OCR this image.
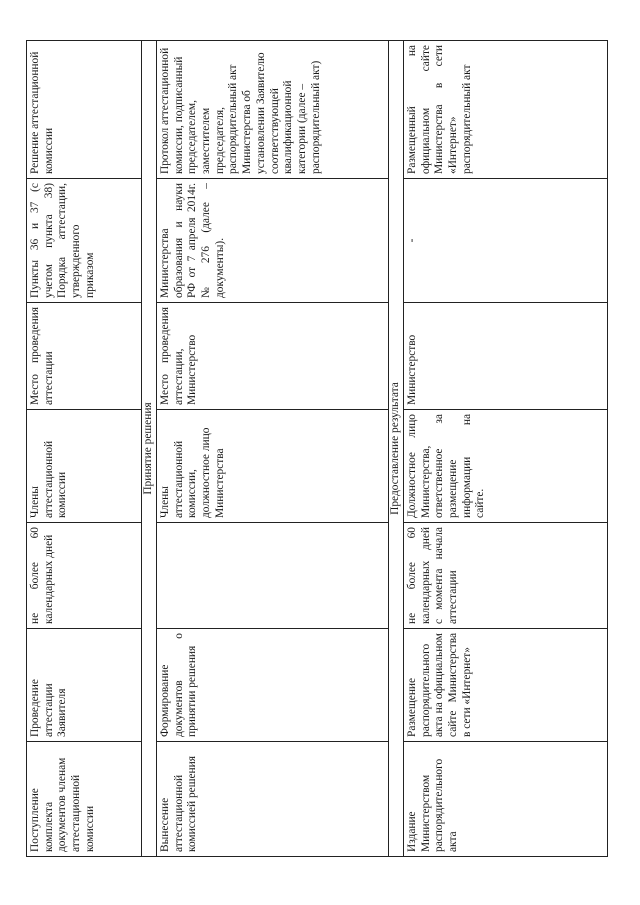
Поступление комплекта документов членам аттестационной комиссии	Проведение аттестации Заявителя	не более 60 календарных дней	Члены аттестационной комиссии	Место проведения аттестации	Пункты 36 и 37 (с учетом пункта 38) Порядка аттестации, утвержденного приказом	Решение аттестационной комиссии

Принятие решения						

Вынесение аттестационной комиссией решения	Формирование документов о принятии решения		Члены аттестационной комиссии, должностное лицо Министерства	Место проведения аттестации, Министерство	Министерства образования и науки РФ от 7 апреля 2014г. № 276 (далее – документы).	Протокол аттестационной комиссии, подписанный председателем, заместителем председателя, распорядительный акт Министерства об установлении Заявителю соответствующей квалификационной категории (далее – распорядительный акт)

Предоставление результата						

Издание Министерством распорядительного акта	Размещение распорядительного акта на официальном сайте Министерства в сети «Интернет»	не более 60 календарных дней с момента начала аттестации	Должностное лицо Министерства, ответственное за размещение информации на сайте.	Министерство	-	Размещенный на официальном сайте Министерства в сети «Интернет» распорядительный акт
